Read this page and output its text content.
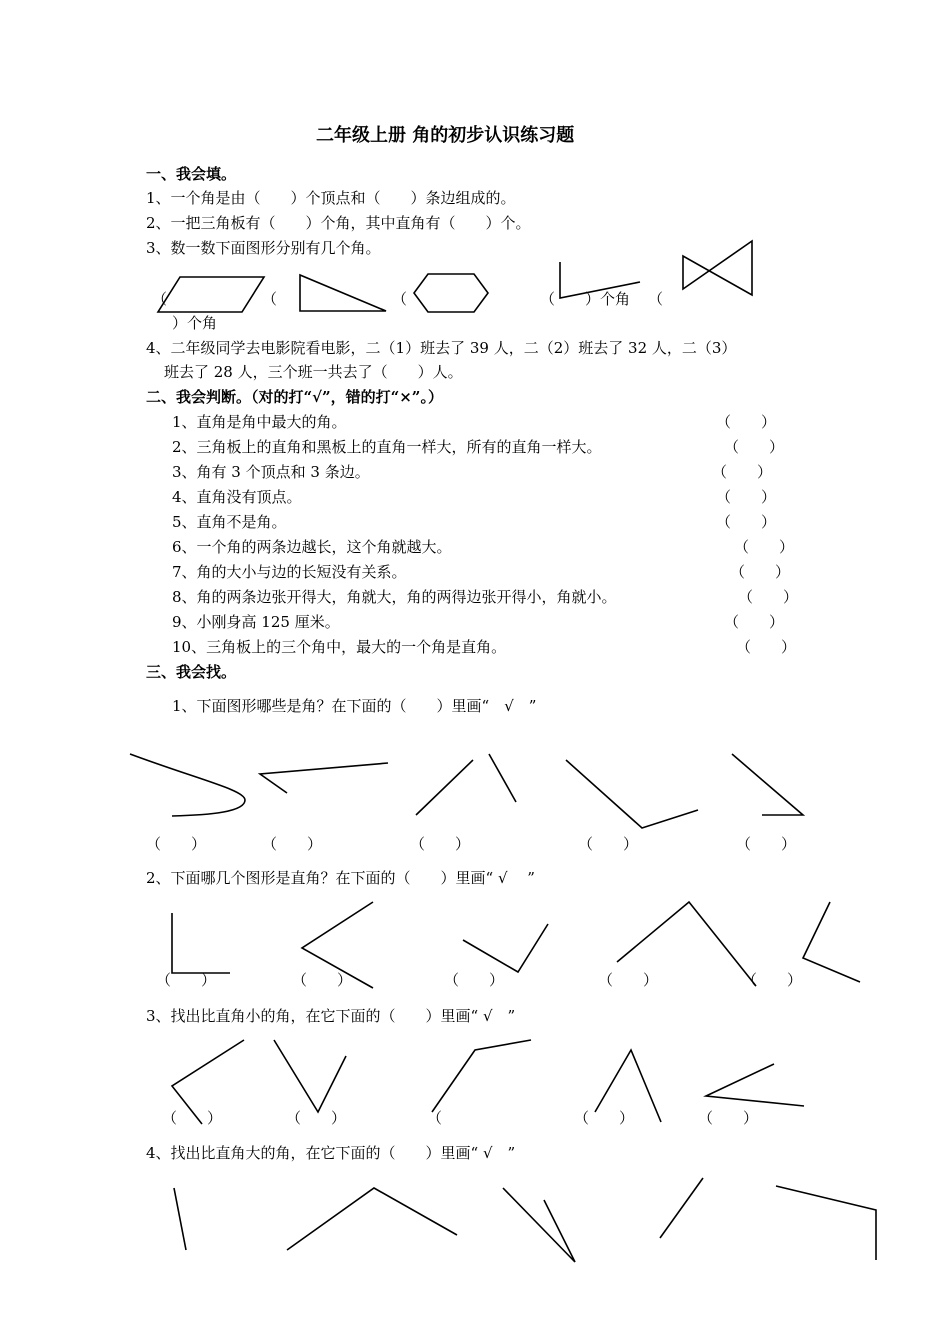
二年级上册 角的初步认识练习题
一、我会填。
1、一个角是由（　　）个顶点和（　　）条边组成的。
2、一把三角板有（　　）个角，其中直角有（　　）个。
3、数一数下面图形分别有几个角。
（	（	（	（　　）个角 （
）个角
4、二年级同学去电影院看电影，二（1）班去了 39 人，二（2）班去了 32 人，二（3）
班去了 28 人，三个班一共去了（　　）人。
二、我会判断。（对的打“√”，错的打“×”。）
1、直角是角中最大的角。	（　　）
2、三角板上的直角和黑板上的直角一样大，所有的直角一样大。	（　　）
3、角有 3 个顶点和 3 条边。	（　　）
4、直角没有顶点。	（　　）
5、直角不是角。	（　　）
6、一个角的两条边越长，这个角就越大。	（　　）
7、角的大小与边的长短没有关系。	（　　）
8、角的两条边张开得大，角就大，角的两得边张开得小，角就小。	（　　）
9、小刚身高 125 厘米。	（　　）
10、三角板上的三个角中，最大的一个角是直角。	（　　）
三、我会找。
1、下面图形哪些是角？在下面的（　　）里画“　√　”
（　　）	（　　）	（　　）	（　　）	（　　）
2、下面哪几个图形是直角？在下面的（　　）里画“ √　 ”
（　　）	（　　）	（　　）	（　　）	（　　）
3、找出比直角小的角，在它下面的（　　）里画“ √　”
（　　）	（　　）	（	（　　）	（　　）
4、找出比直角大的角，在它下面的（　　）里画“ √　”
